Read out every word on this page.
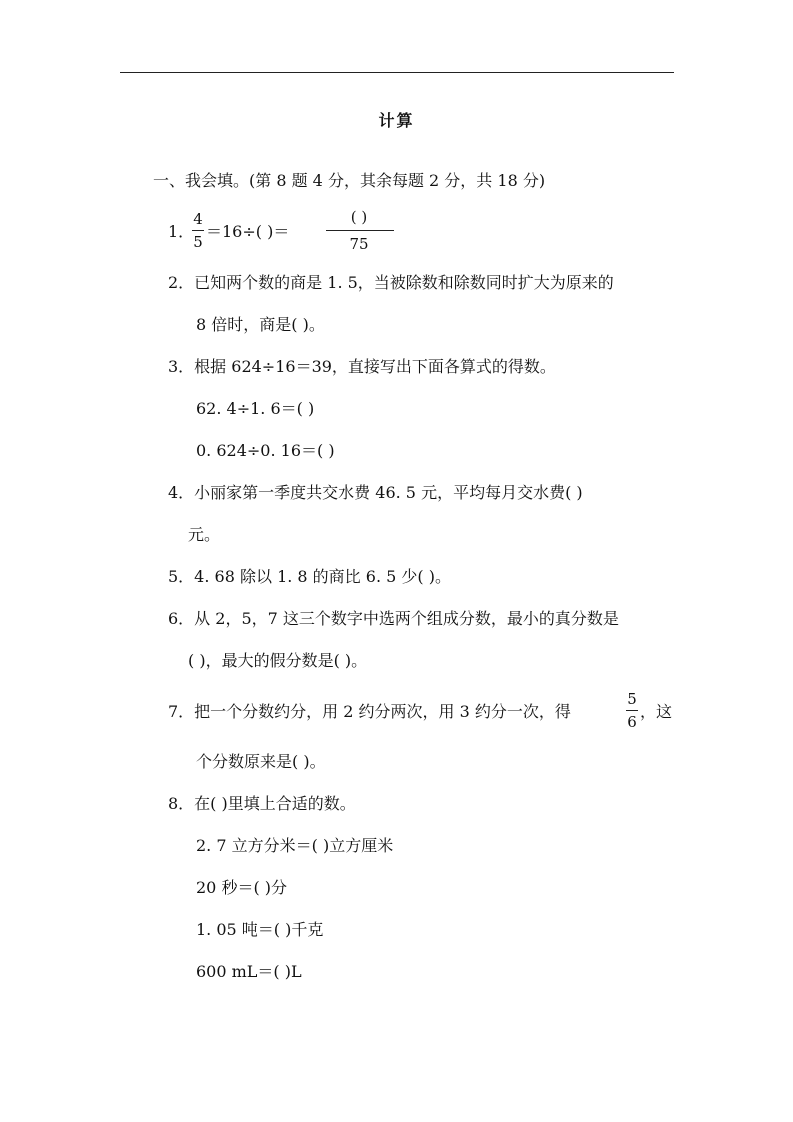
计算
一、我会填。(第 8 题 4 分，其余每题 2 分，共 18 分)
1．
4
5
＝16÷( )＝
( )
75
2．已知两个数的商是 1. 5，当被除数和除数同时扩大为原来的
8 倍时，商是( )。
3．根据 624÷16＝39，直接写出下面各算式的得数。
62. 4÷1. 6＝( )
0. 624÷0. 16＝( )
4．小丽家第一季度共交水费 46. 5 元，平均每月交水费( )
元。
5．4. 68 除以 1. 8 的商比 6. 5 少( )。
6．从 2，5，7 这三个数字中选两个组成分数，最小的真分数是
( )，最大的假分数是( )。
7．把一个分数约分，用 2 约分两次，用 3 约分一次，得
5
6
，这
个分数原来是( )。
8．在( )里填上合适的数。
2. 7 立方分米＝( )立方厘米
20 秒＝( )分
1. 05 吨＝( )千克
600 mL＝( )L
